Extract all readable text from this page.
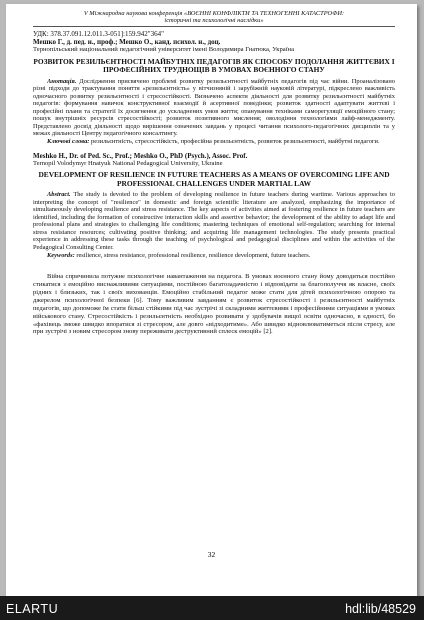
V Міжнародна наукова конференція «ВОЄННІ КОНФЛІКТИ ТА ТЕХНОГЕННІ КАТАСТРОФИ:
історичні та психологічні наслідки»
УДК: 378.37.091.12.011.3-051]:159.942"364"
Мешко Г., д. пед. н., проф.; Мешко О., канд. психол. н., доц.
Тернопільський національний педагогічний університет імені Володимира Гнатюка, Україна
РОЗВИТОК РЕЗИЛЬЄНТНОСТІ МАЙБУТНІХ ПЕДАГОГІВ ЯК СПОСОБУ ПОДОЛАННЯ ЖИТТЄВИХ І ПРОФЕСІЙНИХ ТРУДНОЩІВ В УМОВАХ ВОЄННОГО СТАНУ
Анотація. Дослідження присвячено проблемі розвитку резильєнтності майбутніх педагогів під час війни. Проаналізовано різні підходи до трактування поняття «резильєнтність» у вітчизняній і зарубіжній науковій літературі, підкреслено важливість одночасного розвитку резильєнтності і стресостійкості. Визначено аспекти діяльності для розвитку резильєнтності майбутніх педагогів: формування навичок конструктивної взаємодії й асертивної поведінки; розвиток здатності адаптувати життєві і професійні плани та стратегії їх досягнення до ускладнених умов життя; опанування техніками саморегуляції емоційного стану; пошук внутрішніх ресурсів стресостійкості; розвиток позитивного мислення; оволодіння технологіями лайф-менеджменту. Представлено досвід діяльності щодо вирішення означених завдань у процесі читання психолого-педагогічних дисциплін та у межах діяльності Центру педагогічного консалтингу.
Ключові слова: резильєнтність, стресостійкість, професійна резильєнтність, розвиток резильєнтності, майбутні педагоги.
Meshko H., Dr. of Ped. Sc., Prof.; Meshko O., PhD (Psych.), Assoc. Prof.
Ternopil Volodymyr Hnatyuk National Pedagogical University, Ukraine
DEVELOPMENT OF RESILIENCE IN FUTURE TEACHERS AS A MEANS OF OVERCOMING LIFE AND PROFESSIONAL CHALLENGES UNDER MARTIAL LAW
Abstract. The study is devoted to the problem of developing resilience in future teachers during wartime. Various approaches to interpreting the concept of "resilience" in domestic and foreign scientific literature are analyzed, emphasizing the importance of simultaneously developing resilience and stress resistance. The key aspects of activities aimed at fostering resilience in future teachers are identified, including the formation of constructive interaction skills and assertive behavior; the development of the ability to adapt life and professional plans and strategies to challenging life conditions; mastering techniques of emotional self-regulation; searching for internal stress resistance resources; cultivating positive thinking; and acquiring life management technologies. The study presents practical experience in addressing these tasks through the teaching of psychological and pedagogical disciplines and within the activities of the Pedagogical Consulting Center.
Keywords: resilience, stress resistance, professional resilience, resilience development, future teachers.
Війна спричинила потужне психологічне навантаження на педагога. В умовах воєнного стану йому доводиться постійно стикатися з емоційно виснажливими ситуаціями, постійною багатозадачністю і відповідати за благополуччя як власне, своїх рідних і близьких, так і своїх вихованців. Емоційно стабільний педагог може стати для дітей психологічною опорою та джерелом психологічної безпеки [6]. Тому важливим завданням є розвиток стресостійкості і резильєнтності майбутніх педагогів, що допоможе їм стати більш стійкими під час зустрічі зі складними життєвими і професійними ситуаціями в умовах військового стану. Стресостійкість і резильєнтність необхідно розвивати у здобувачів вищої освіти одночасно, в єдності, бо «фахівець зможе швидко впоратися зі стресором, але довго «відходитиме». Або швидко відновлюватиметься після стресу, але при зустрічі з новим стресором знову переживати деструктивний сплеск емоцій» [2].
32
ELARTU	hdl:lib/48529
